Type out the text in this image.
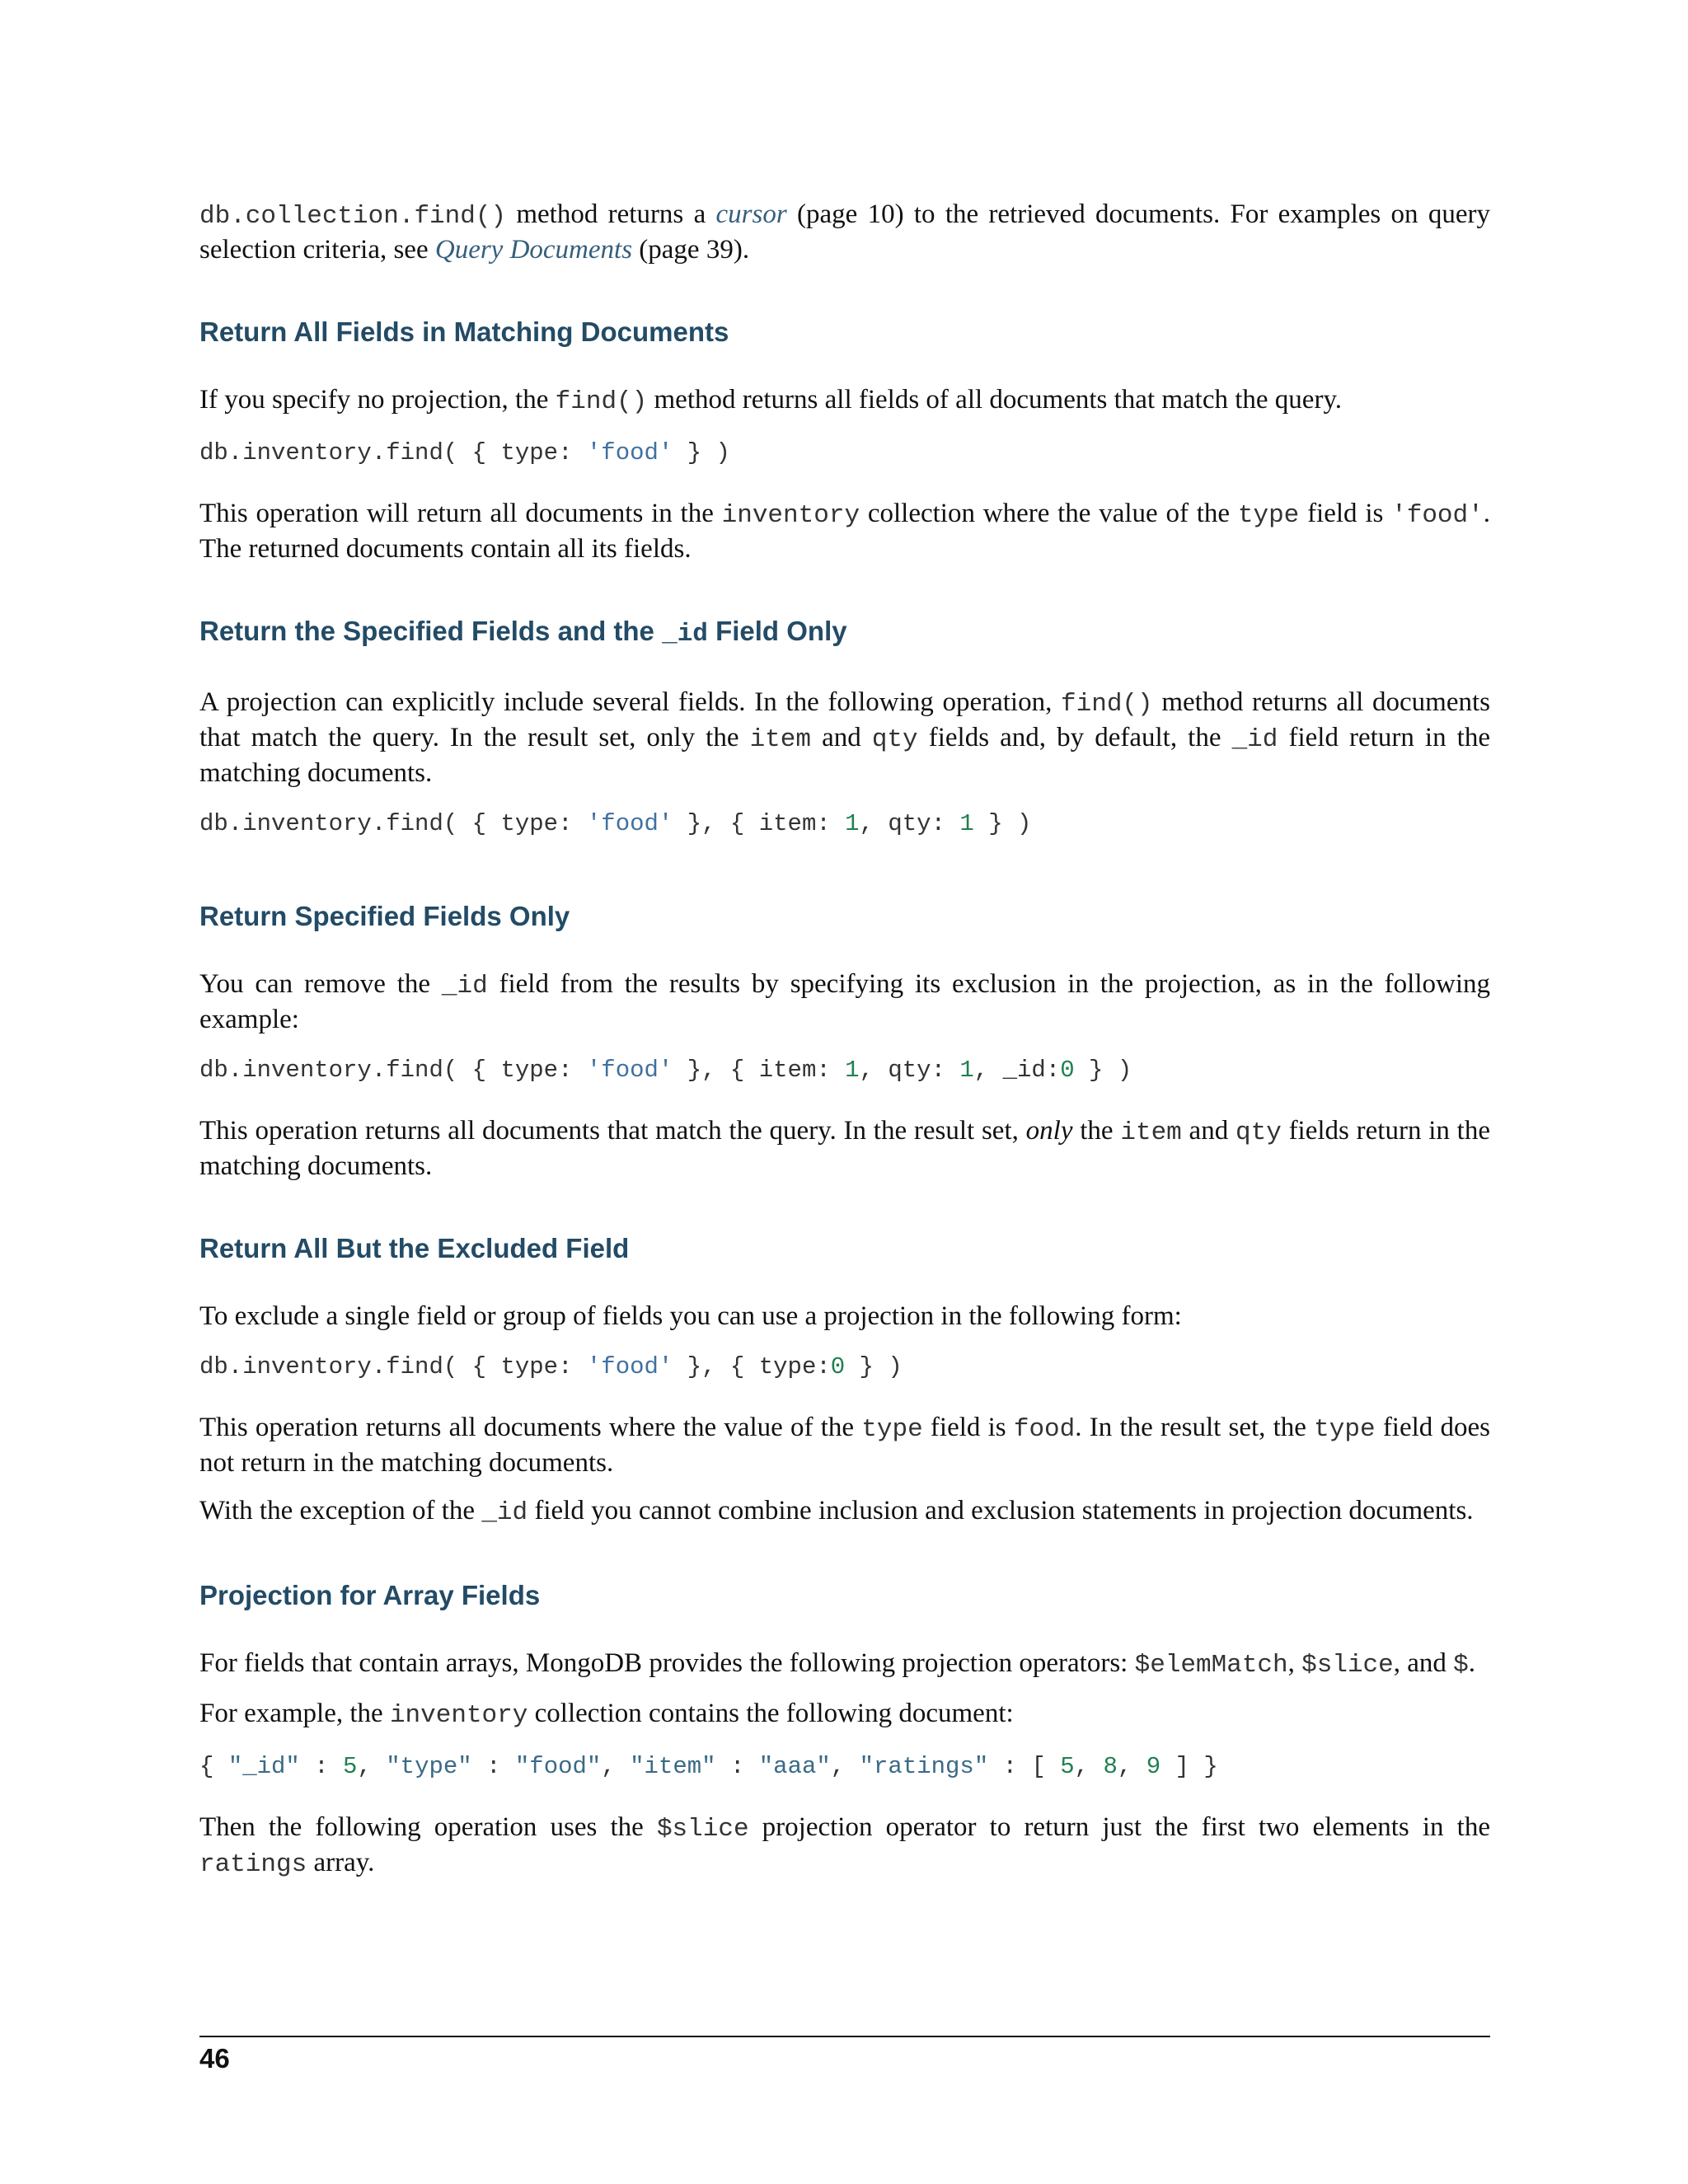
db.collection.find() method returns a cursor (page 10) to the retrieved documents. For examples on query selection criteria, see Query Documents (page 39).

Return All Fields in Matching Documents

If you specify no projection, the find() method returns all fields of all documents that match the query.

db.inventory.find( { type: 'food' } )

This operation will return all documents in the inventory collection where the value of the type field is 'food'. The returned documents contain all its fields.

Return the Specified Fields and the _id Field Only

A projection can explicitly include several fields. In the following operation, find() method returns all documents that match the query. In the result set, only the item and qty fields and, by default, the _id field return in the matching documents.

db.inventory.find( { type: 'food' }, { item: 1, qty: 1 } )
Return Specified Fields Only

You can remove the _id field from the results by specifying its exclusion in the projection, as in the following example:

db.inventory.find( { type: 'food' }, { item: 1, qty: 1, _id:0 } )

This operation returns all documents that match the query. In the result set, only the item and qty fields return in the matching documents.

Return All But the Excluded Field

To exclude a single field or group of fields you can use a projection in the following form:

db.inventory.find( { type: 'food' }, { type:0 } )

This operation returns all documents where the value of the type field is food. In the result set, the type field does not return in the matching documents.

With the exception of the _id field you cannot combine inclusion and exclusion statements in projection documents.

Projection for Array Fields

For fields that contain arrays, MongoDB provides the following projection operators: $elemMatch, $slice, and $.

For example, the inventory collection contains the following document:

{ "_id" : 5, "type" : "food", "item" : "aaa", "ratings" : [ 5, 8, 9 ] }

Then the following operation uses the $slice projection operator to return just the first two elements in the ratings array.

46
